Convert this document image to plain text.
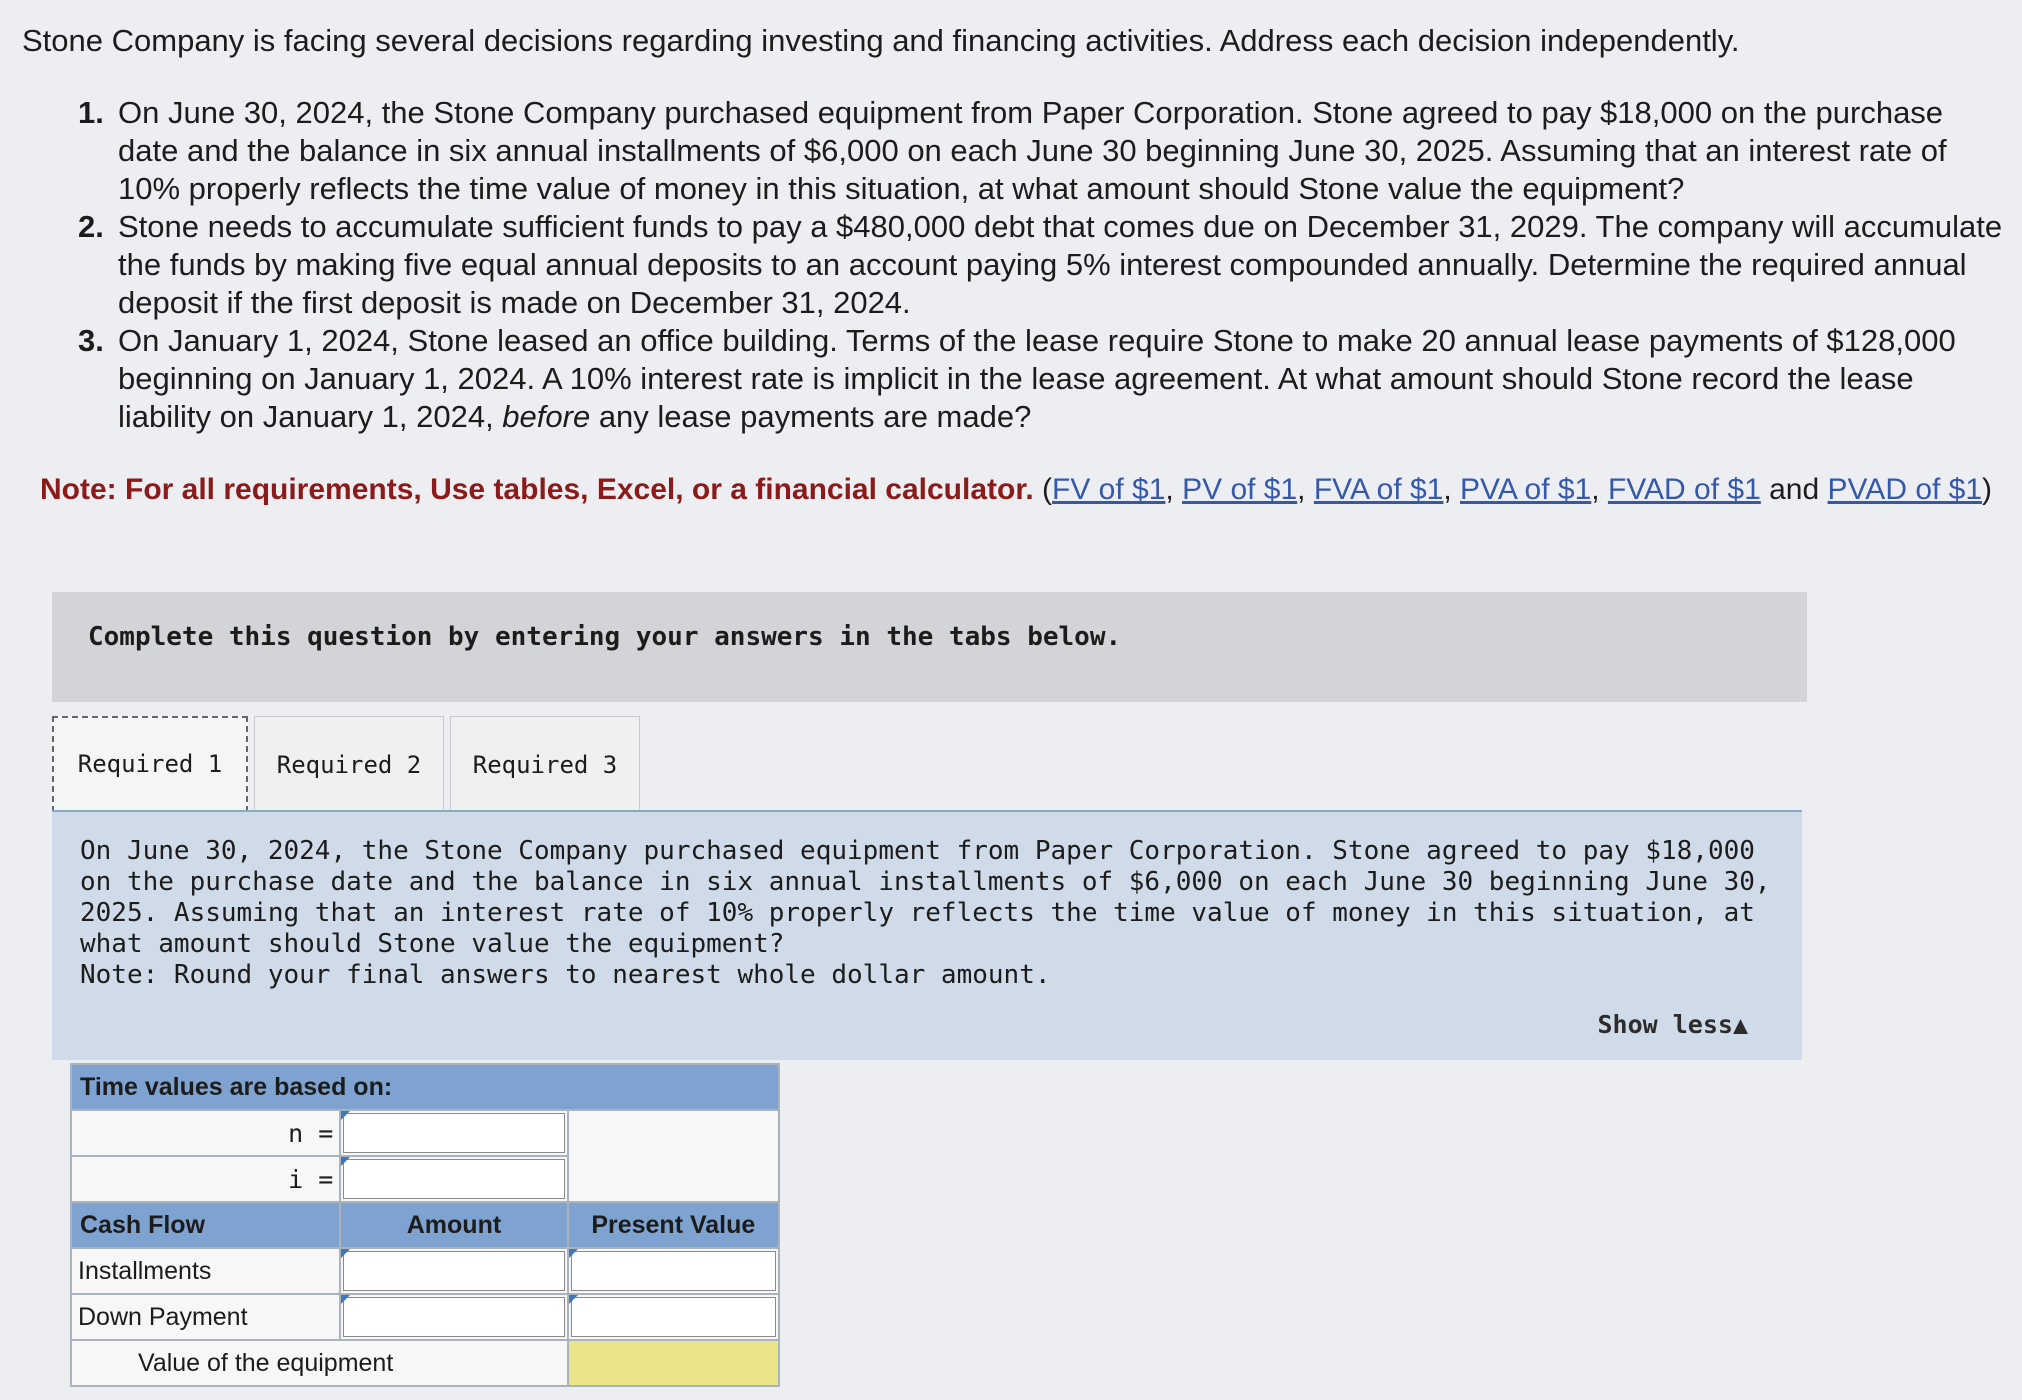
Stone Company is facing several decisions regarding investing and financing activities. Address each decision independently.
1. On June 30, 2024, the Stone Company purchased equipment from Paper Corporation. Stone agreed to pay $18,000 on the purchase date and the balance in six annual installments of $6,000 on each June 30 beginning June 30, 2025. Assuming that an interest rate of 10% properly reflects the time value of money in this situation, at what amount should Stone value the equipment?
2. Stone needs to accumulate sufficient funds to pay a $480,000 debt that comes due on December 31, 2029. The company will accumulate the funds by making five equal annual deposits to an account paying 5% interest compounded annually. Determine the required annual deposit if the first deposit is made on December 31, 2024.
3. On January 1, 2024, Stone leased an office building. Terms of the lease require Stone to make 20 annual lease payments of $128,000 beginning on January 1, 2024. A 10% interest rate is implicit in the lease agreement. At what amount should Stone record the lease liability on January 1, 2024, before any lease payments are made?
Note: For all requirements, Use tables, Excel, or a financial calculator. (FV of $1, PV of $1, FVA of $1, PVA of $1, FVAD of $1 and PVAD of $1)
Complete this question by entering your answers in the tabs below.
Required 1	Required 2	Required 3
On June 30, 2024, the Stone Company purchased equipment from Paper Corporation. Stone agreed to pay $18,000 on the purchase date and the balance in six annual installments of $6,000 on each June 30 beginning June 30, 2025. Assuming that an interest rate of 10% properly reflects the time value of money in this situation, at what amount should Stone value the equipment?
Note: Round your final answers to nearest whole dollar amount.
Show less▲
Time values are based on:		
n =	

i =	

Cash Flow	Amount	Present Value
Installments	

Down Payment	

Value of the equipment		
